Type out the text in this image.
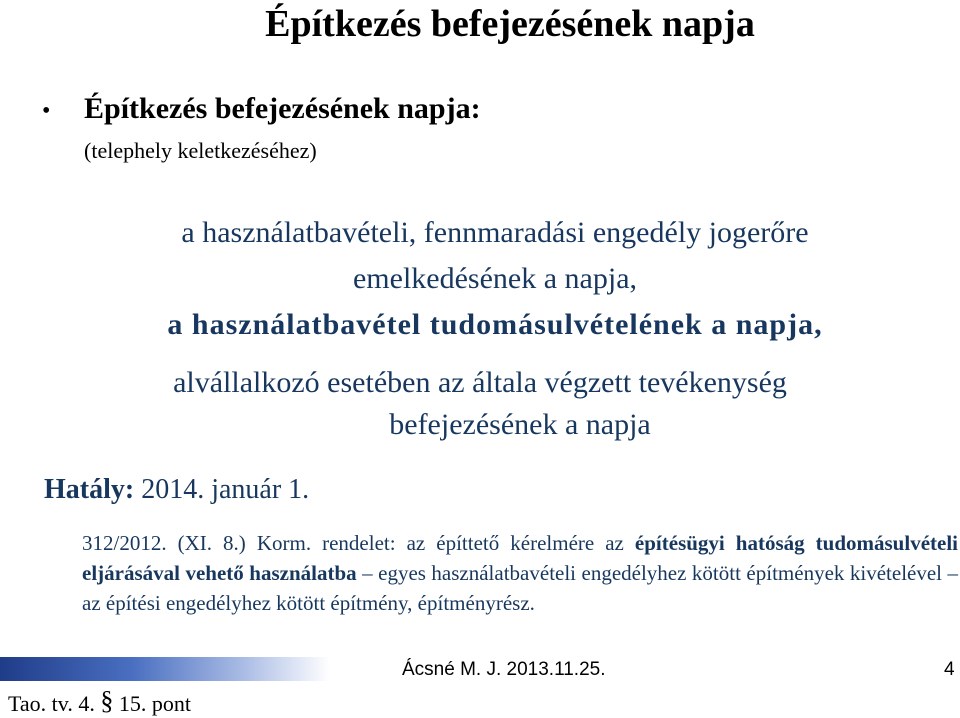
Építkezés befejezésének napja
• Építkezés befejezésének napja:
(telephely keletkezéséhez)
a használatbavételi, fennmaradási engedély jogerőre
emelkedésének a napja,
a használatbavétel tudomásulvételének a napja,
alvállalkozó esetében az általa végzett tevékenység
befejezésének a napja
Hatály: 2014. január 1.
312/2012. (XI. 8.) Korm. rendelet: az építtető kérelmére az építésügyi hatóság tudomásulvételi eljárásával vehető használatba – egyes használatbavételi engedélyhez kötött építmények kivételével – az építési engedélyhez kötött építmény, építményrész.
Ácsné M. J. 2013.11.25.	4
Tao. tv. 4. § 15. pont
